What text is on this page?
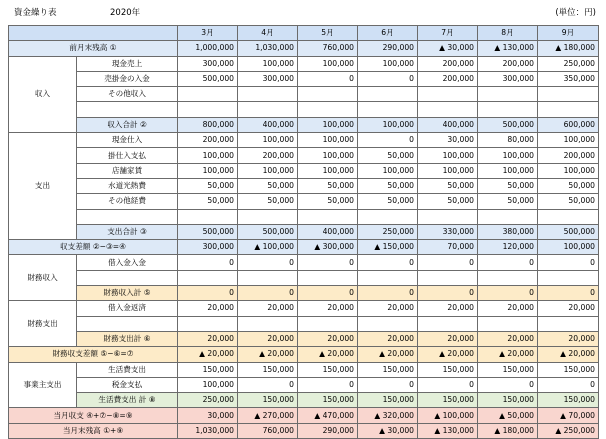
資金繰り表	2020年	(単位：円)
		3月	4月	5月	6月	7月	8月	9月
前月末残高 ①		1,000,000	1,030,000	760,000	290,000	▲ 30,000	▲ 130,000	▲ 180,000
収入	現金売上	300,000	100,000	100,000	100,000	200,000	200,000	250,000
	売掛金の入金	500,000	300,000	0	0	200,000	300,000	350,000
	その他収入							

	収入合計 ②	800,000	400,000	100,000	100,000	400,000	500,000	600,000
支出	現金仕入	200,000	100,000	100,000	0	30,000	80,000	100,000
	掛仕入支払	100,000	200,000	100,000	50,000	100,000	100,000	200,000
	店舗家賃	100,000	100,000	100,000	100,000	100,000	100,000	100,000
	水道光熱費	50,000	50,000	50,000	50,000	50,000	50,000	50,000
	その他経費	50,000	50,000	50,000	50,000	50,000	50,000	50,000

	支出合計 ③	500,000	500,000	400,000	250,000	330,000	380,000	500,000
収支差額 ②−③=④		300,000	▲ 100,000	▲ 300,000	▲ 150,000	70,000	120,000	100,000
財務収入	借入金入金	0	0	0	0	0	0	0

	財務収入計 ⑤	0	0	0	0	0	0	0
財務支出	借入金返済	20,000	20,000	20,000	20,000	20,000	20,000	20,000

	財務支出計 ⑥	20,000	20,000	20,000	20,000	20,000	20,000	20,000
財務収支差額 ⑤−⑥=⑦		▲ 20,000	▲ 20,000	▲ 20,000	▲ 20,000	▲ 20,000	▲ 20,000	▲ 20,000
事業主支出	生活費支出	150,000	150,000	150,000	150,000	150,000	150,000	150,000
	税金支払	100,000	0	0	0	0	0	0
	生活費支出 計 ⑧	250,000	150,000	150,000	150,000	150,000	150,000	150,000
当月収支 ④+⑦−⑧=⑨		30,000	▲ 270,000	▲ 470,000	▲ 320,000	▲ 100,000	▲ 50,000	▲ 70,000
当月末残高 ①+⑨		1,030,000	760,000	290,000	▲ 30,000	▲ 130,000	▲ 180,000	▲ 250,000
